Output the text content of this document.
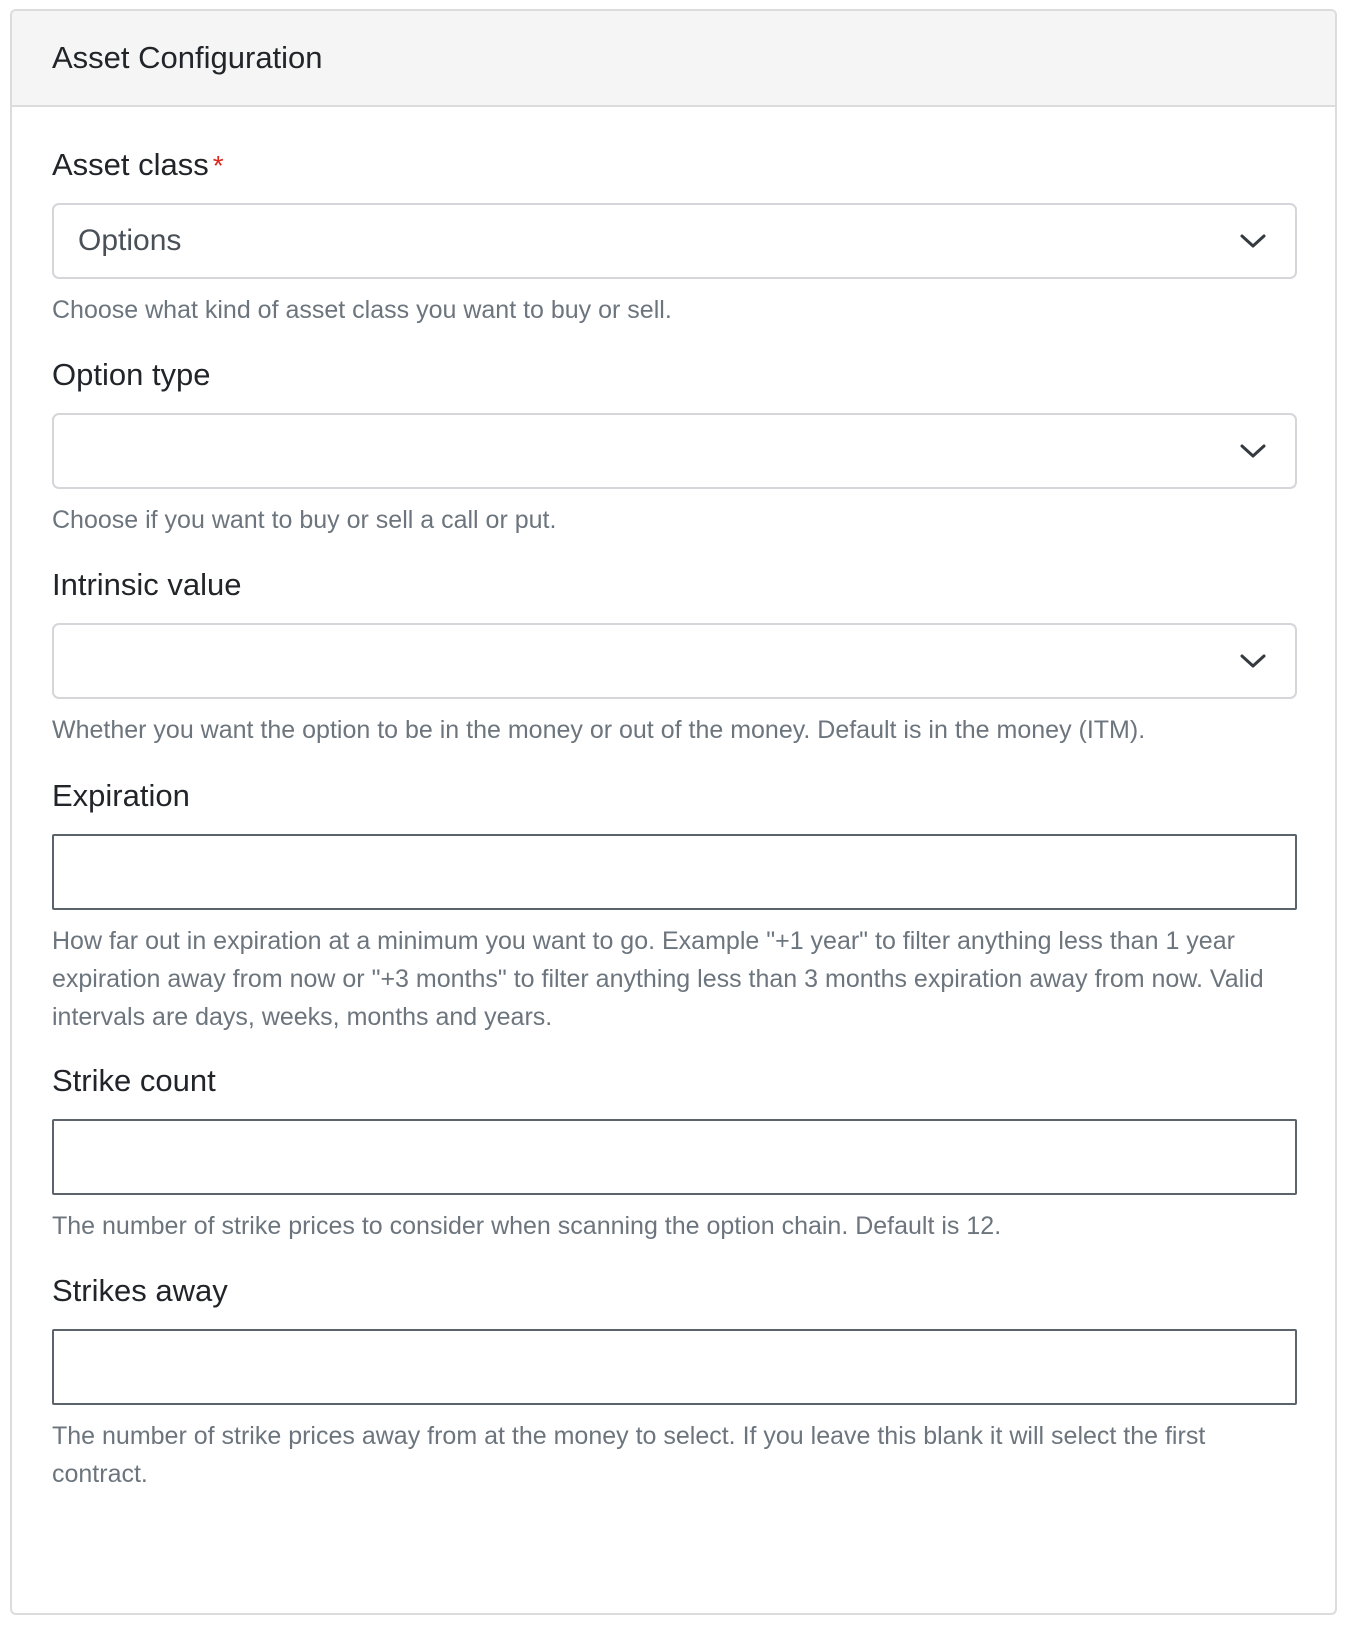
Asset Configuration
Asset class *
Options

Choose what kind of asset class you want to buy or sell.

Option type

Choose if you want to buy or sell a call or put.

Intrinsic value

Whether you want the option to be in the money or out of the money. Default is in the money (ITM).

Expiration

How far out in expiration at a minimum you want to go. Example "+1 year" to filter anything less than 1 year expiration away from now or "+3 months" to filter anything less than 3 months expiration away from now. Valid intervals are days, weeks, months and years.

Strike count

The number of strike prices to consider when scanning the option chain. Default is 12.

Strikes away

The number of strike prices away from at the money to select. If you leave this blank it will select the first contract.
